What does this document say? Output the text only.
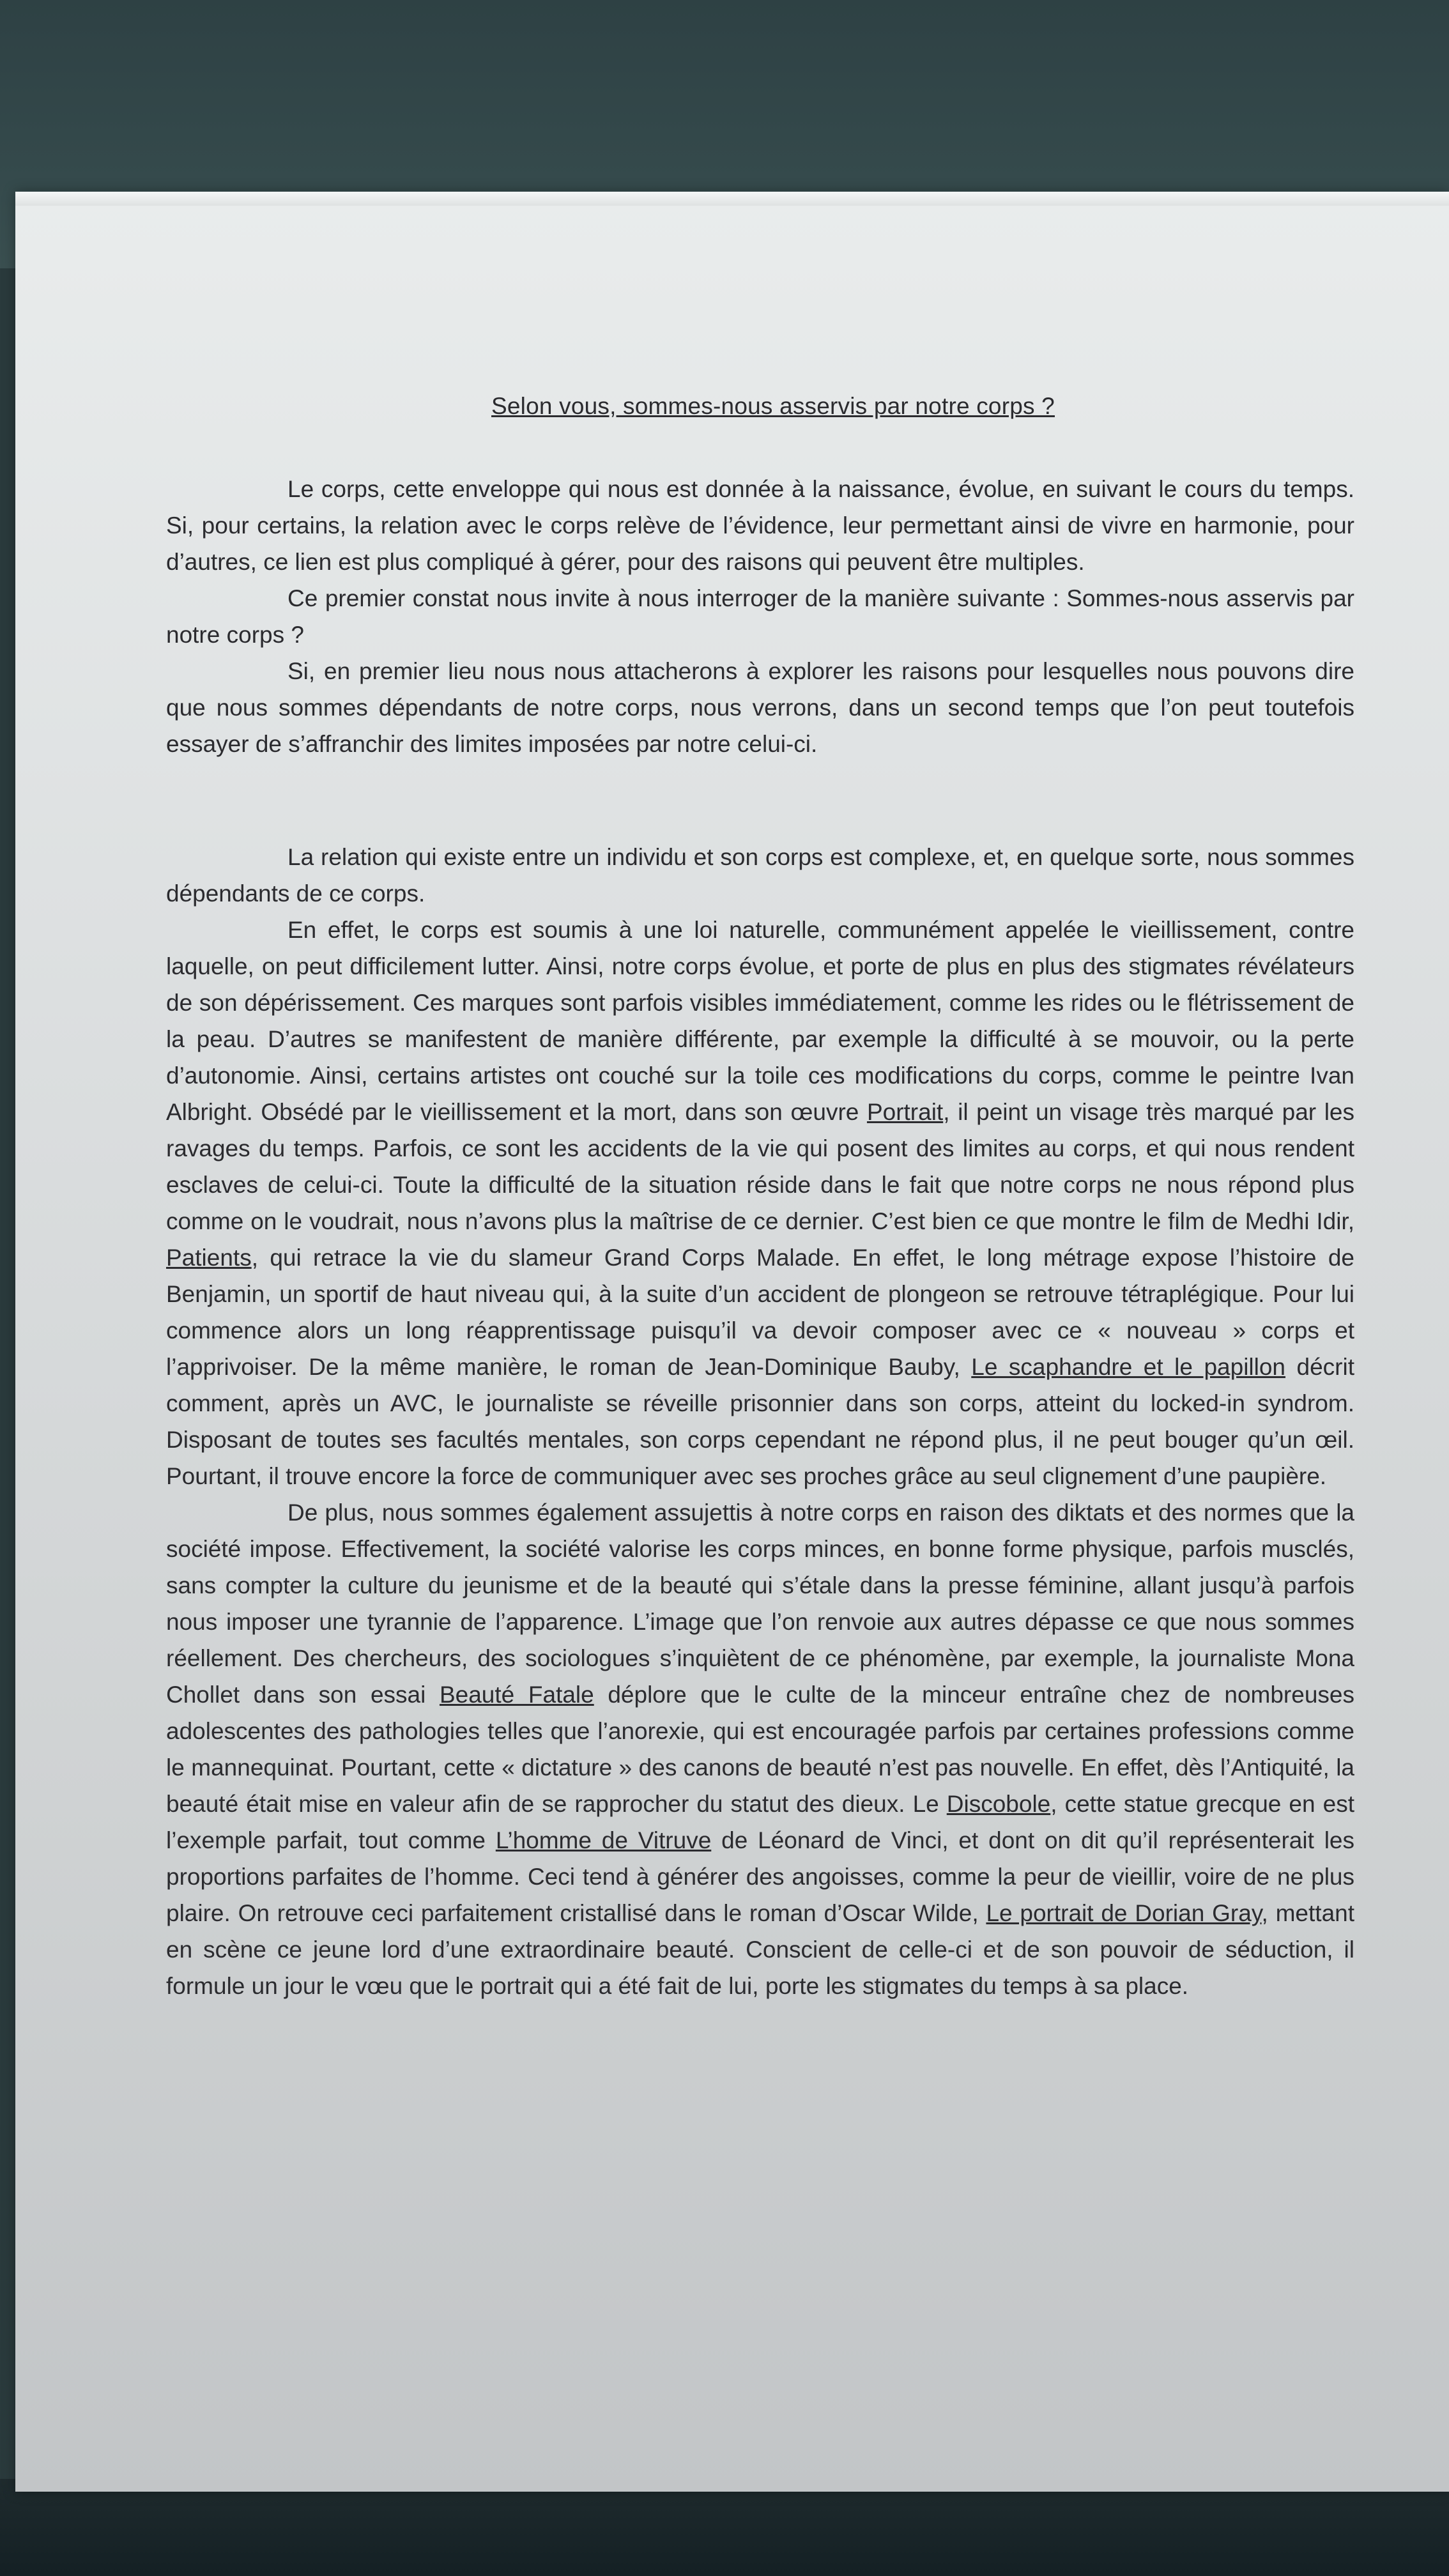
Selon vous, sommes-nous asservis par notre corps ?

Le corps, cette enveloppe qui nous est donnée à la naissance, évolue, en suivant le cours du temps. Si, pour certains, la relation avec le corps relève de l’évidence, leur permettant ainsi de vivre en harmonie, pour d’autres, ce lien est plus compliqué à gérer, pour des raisons qui peuvent être multiples.

Ce premier constat nous invite à nous interroger de la manière suivante : Sommes-nous asservis par notre corps ?

Si, en premier lieu nous nous attacherons à explorer les raisons pour lesquelles nous pouvons dire que nous sommes dépendants de notre corps, nous verrons, dans un second temps que l’on peut toutefois essayer de s’affranchir des limites imposées par notre celui-ci.

La relation qui existe entre un individu et son corps est complexe, et, en quelque sorte, nous sommes dépendants de ce corps.

En effet, le corps est soumis à une loi naturelle, communément appelée le vieillissement, contre laquelle, on peut difficilement lutter. Ainsi, notre corps évolue, et porte de plus en plus des stigmates révélateurs de son dépérissement. Ces marques sont parfois visibles immédiatement, comme les rides ou le flétrissement de la peau. D’autres se manifestent de manière différente, par exemple la difficulté à se mouvoir, ou la perte d’autonomie. Ainsi, certains artistes ont couché sur la toile ces modifications du corps, comme le peintre Ivan Albright. Obsédé par le vieillissement et la mort, dans son œuvre Portrait, il peint un visage très marqué par les ravages du temps. Parfois, ce sont les accidents de la vie qui posent des limites au corps, et qui nous rendent esclaves de celui-ci. Toute la difficulté de la situation réside dans le fait que notre corps ne nous répond plus comme on le voudrait, nous n’avons plus la maîtrise de ce dernier. C’est bien ce que montre le film de Medhi Idir, Patients, qui retrace la vie du slameur Grand Corps Malade. En effet, le long métrage expose l’histoire de Benjamin, un sportif de haut niveau qui, à la suite d’un accident de plongeon se retrouve tétraplégique. Pour lui commence alors un long réapprentissage puisqu’il va devoir composer avec ce « nouveau » corps et l’apprivoiser. De la même manière, le roman de Jean-Dominique Bauby, Le scaphandre et le papillon décrit comment, après un AVC, le journaliste se réveille prisonnier dans son corps, atteint du locked-in syndrom. Disposant de toutes ses facultés mentales, son corps cependant ne répond plus, il ne peut bouger qu’un œil. Pourtant, il trouve encore la force de communiquer avec ses proches grâce au seul clignement d’une paupière.

De plus, nous sommes également assujettis à notre corps en raison des diktats et des normes que la société impose. Effectivement, la société valorise les corps minces, en bonne forme physique, parfois musclés, sans compter la culture du jeunisme et de la beauté qui s’étale dans la presse féminine, allant jusqu’à parfois nous imposer une tyrannie de l’apparence. L’image que l’on renvoie aux autres dépasse ce que nous sommes réellement. Des chercheurs, des sociologues s’inquiètent de ce phénomène, par exemple, la journaliste Mona Chollet dans son essai Beauté Fatale déplore que le culte de la minceur entraîne chez de nombreuses adolescentes des pathologies telles que l’anorexie, qui est encouragée parfois par certaines professions comme le mannequinat. Pourtant, cette « dictature » des canons de beauté n’est pas nouvelle. En effet, dès l’Antiquité, la beauté était mise en valeur afin de se rapprocher du statut des dieux. Le Discobole, cette statue grecque en est l’exemple parfait, tout comme L’homme de Vitruve de Léonard de Vinci, et dont on dit qu’il représenterait les proportions parfaites de l’homme. Ceci tend à générer des angoisses, comme la peur de vieillir, voire de ne plus plaire. On retrouve ceci parfaitement cristallisé dans le roman d’Oscar Wilde, Le portrait de Dorian Gray, mettant en scène ce jeune lord d’une extraordinaire beauté. Conscient de celle-ci et de son pouvoir de séduction, il formule un jour le vœu que le portrait qui a été fait de lui, porte les stigmates du temps à sa place.
